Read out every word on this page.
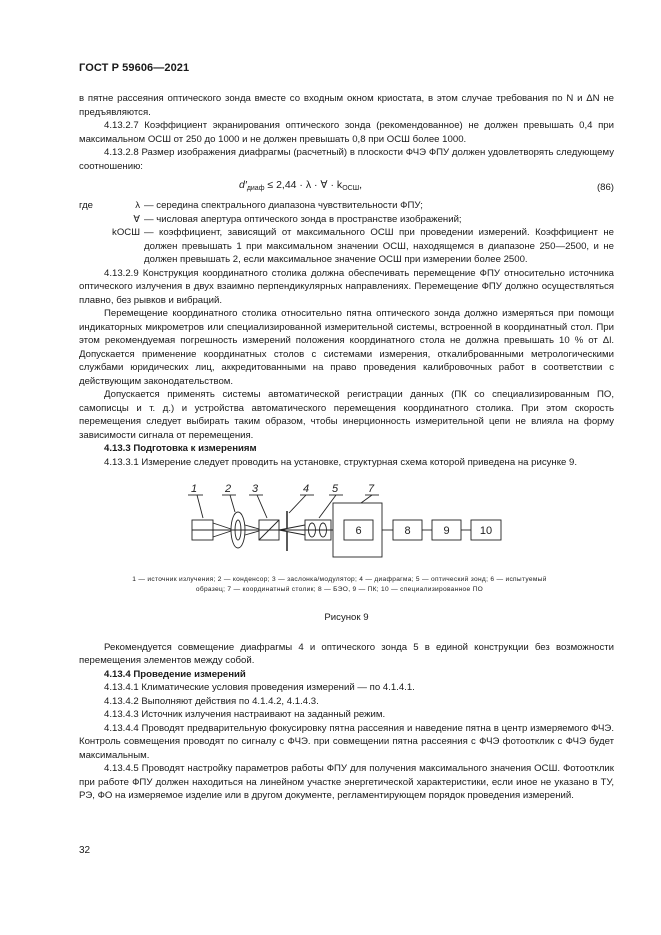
ГОСТ Р 59606—2021

в пятне рассеяния оптического зонда вместе со входным окном криостата, в этом случае требования по N и ΔN не предъявляются.

4.13.2.7 Коэффициент экранирования оптического зонда (рекомендованное) не должен превышать 0,4 при максимальном ОСШ от 250 до 1000 и не должен превышать 0,8 при ОСШ более 1000.

4.13.2.8 Размер изображения диафрагмы (расчетный) в плоскости ФЧЭ ФПУ должен удовлетворять следующему соотношению:

$d'_{диаф} \le 2,44 \cdot \lambda$ · ∀ · $k_{ОСШ}$,	(86)
где	λ — середина спектрального диапазона чувствительности ФПУ;
∀ — числовая апертура оптического зонда в пространстве изображений;
kОСШ — коэффициент, зависящий от максимального ОСШ при проведении измерений. Коэффициент не должен превышать 1 при максимальном значении ОСШ, находящемся в диапазоне 250—2500, и не должен превышать 2, если максимальное значение ОСШ при измерении более 2500.

4.13.2.9 Конструкция координатного столика должна обеспечивать перемещение ФПУ относительно источника оптического излучения в двух взаимно перпендикулярных направлениях. Перемещение ФПУ должно осуществляться плавно, без рывков и вибраций.

Перемещение координатного столика относительно пятна оптического зонда должно измеряться при помощи индикаторных микрометров или специализированной измерительной системы, встроенной в координатный стол. При этом рекомендуемая погрешность измерений положения координатного стола не должна превышать 10 % от Δl. Допускается применение координатных столов с системами измерения, откалиброванными метрологическими службами юридических лиц, аккредитованными на право проведения калибровочных работ в соответствии с действующим законодательством.

Допускается применять системы автоматической регистрации данных (ПК со специализированным ПО, самописцы и т. д.) и устройства автоматического перемещения координатного столика. При этом скорость перемещения следует выбирать таким образом, чтобы инерционность измерительной цепи не влияла на форму зависимости сигнала от перемещения.

4.13.3 Подготовка к измерениям

4.13.3.1 Измерение следует проводить на установке, структурная схема которой приведена на рисунке 9.

1	2 3	4 5	7
6	8	9	10
1 — источник излучения; 2 — конденсор; 3 — заслонка/модулятор; 4 — диафрагма; 5 — оптический зонд; 6 — испытуемый
образец; 7 — координатный столик; 8 — БЭО, 9 — ПК; 10 — специализированное ПО
Рисунок 9

Рекомендуется совмещение диафрагмы 4 и оптического зонда 5 в единой конструкции без возможности перемещения элементов между собой.

4.13.4 Проведение измерений

4.13.4.1 Климатические условия проведения измерений — по 4.1.4.1.

4.13.4.2 Выполняют действия по 4.1.4.2, 4.1.4.3.

4.13.4.3 Источник излучения настраивают на заданный режим.

4.13.4.4 Проводят предварительную фокусировку пятна рассеяния и наведение пятна в центр измеряемого ФЧЭ. Контроль совмещения проводят по сигналу с ФЧЭ. при совмещении пятна рассеяния с ФЧЭ фотоотклик с ФЧЭ будет максимальным.

4.13.4.5 Проводят настройку параметров работы ФПУ для получения максимального значения ОСШ. Фотоотклик при работе ФПУ должен находиться на линейном участке энергетической характеристики, если иное не указано в ТУ, РЭ, ФО на измеряемое изделие или в другом документе, регламентирующем порядок проведения измерений.

32
